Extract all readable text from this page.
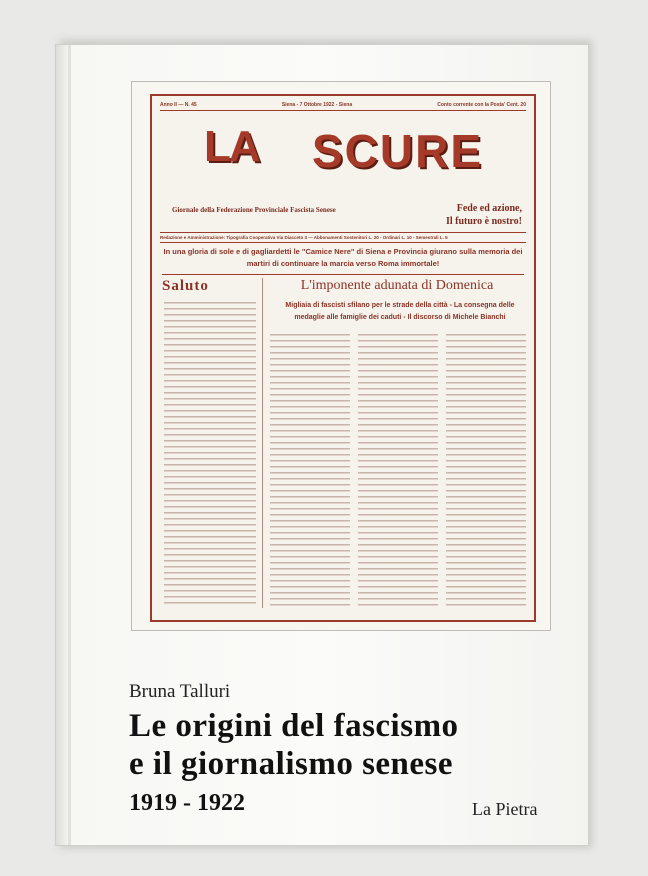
Anno II — N. 45	Siena - 7 Ottobre 1922 - Siena	Conto corrente con la Posta' Cent. 20
LA SCURE
Giornale della Federazione Provinciale Fascista Senese	Fede ed azione,
Il futuro è nostro!
Redazione e Amministrazione: Tipografia Cooperativa Via Diacceto 3 — Abbonamenti Sostenitori L. 20 - Ordinari L. 10 - Semestrali L. 5
In una gloria di sole e di gagliardetti le "Camice Nere" di Siena e Provincia giurano sulla memoria dei martiri di continuare la marcia verso Roma immortale!
Saluto	L'imponente adunata di Domenica
Migliaia di fascisti sfilano per le strade della città - La consegna delle medaglie alle famiglie dei caduti - Il discorso di Michele Bianchi
Bruna Talluri
Le origini del fascismo
e il giornalismo senese
1919 - 1922	La Pietra
